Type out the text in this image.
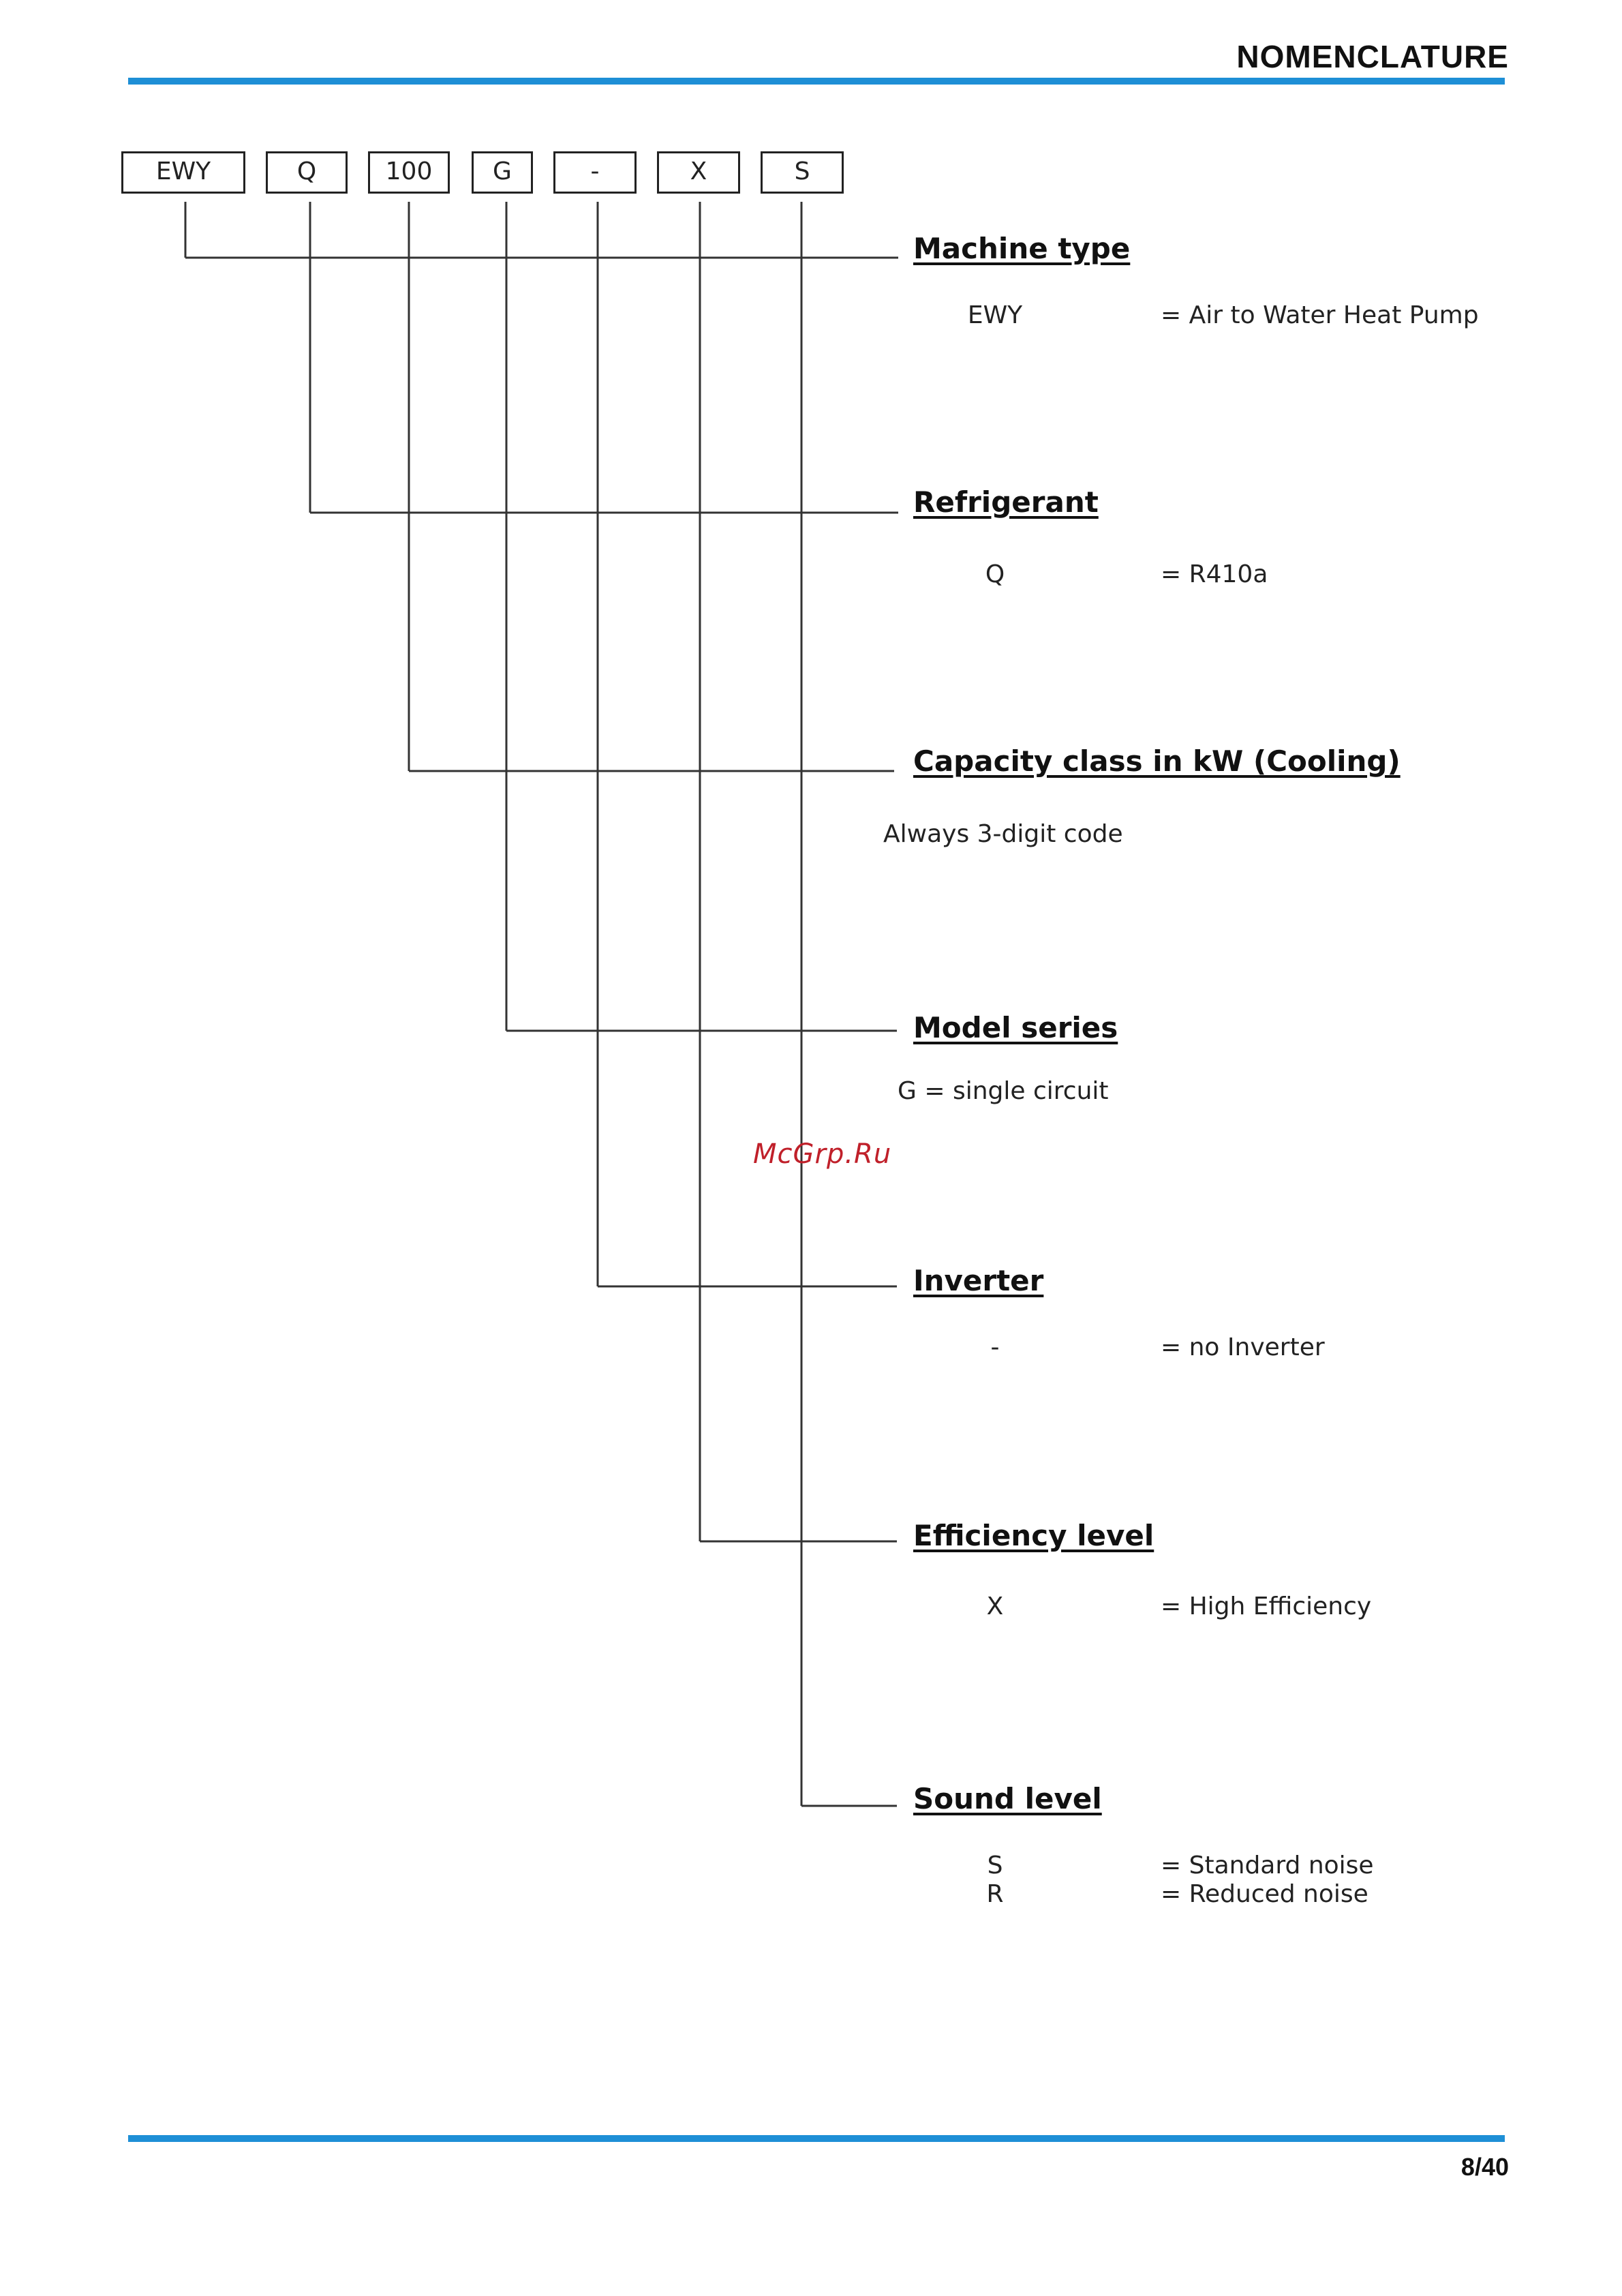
NOMENCLATURE
EWY	Q	100	G	-	X	S
Machine type
EWY	= Air to Water Heat Pump
Refrigerant
Q	= R410a
Capacity class in kW (Cooling)
Always 3-digit code
Model series
G = single circuit
McGrp.Ru
Inverter
-	= no Inverter
Efficiency level
X	= High Efficiency
Sound level
S	= Standard noise
R	= Reduced noise
8/40
